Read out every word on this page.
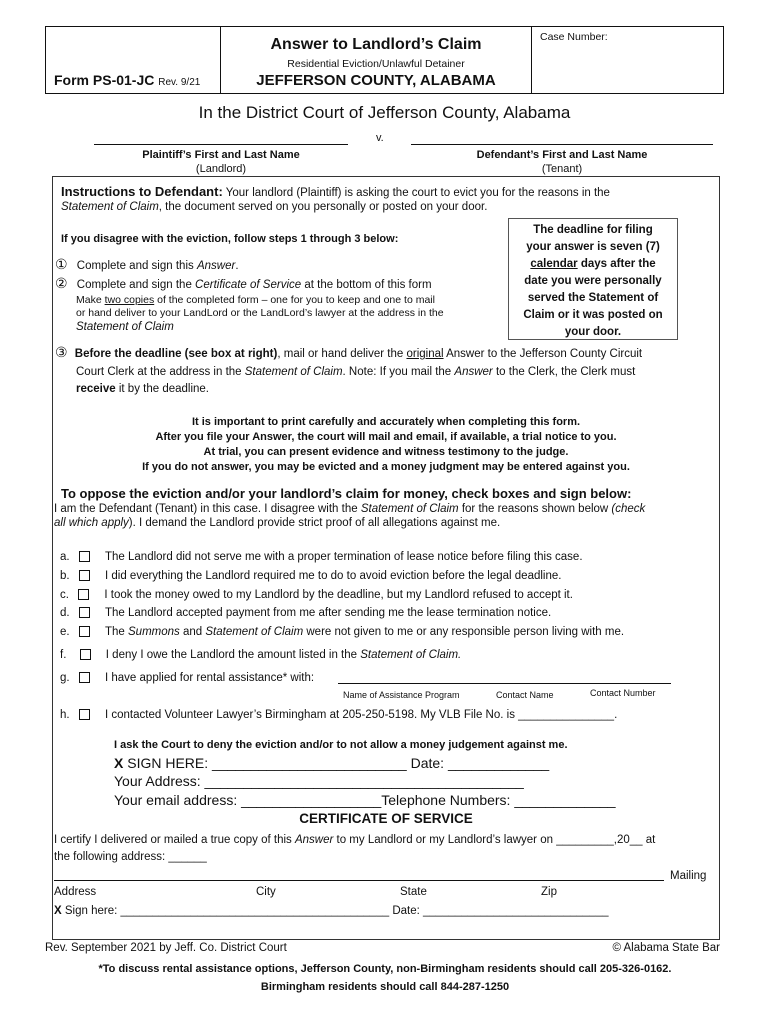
Form PS-01-JC Rev. 9/21
Answer to Landlord’s Claim
Residential Eviction/Unlawful Detainer
JEFFERSON COUNTY, ALABAMA
Case Number:
In the District Court of Jefferson County, Alabama
v.
Plaintiff’s First and Last Name
(Landlord)
Defendant’s First and Last Name
(Tenant)
Instructions to Defendant: Your landlord (Plaintiff) is asking the court to evict you for the reasons in the
Statement of Claim, the document served on you personally or posted on your door.
If you disagree with the eviction, follow steps 1 through 3 below:
① Complete and sign this Answer.
② Complete and sign the Certificate of Service at the bottom of this form
Make two copies of the completed form – one for you to keep and one to mail
or hand deliver to your LandLord or the LandLord’s lawyer at the address in the
Statement of Claim
The deadline for filing
your answer is seven (7)
calendar days after the
date you were personally
served the Statement of
Claim or it was posted on
your door.
③ Before the deadline (see box at right), mail or hand deliver the original Answer to the Jefferson County Circuit
Court Clerk at the address in the Statement of Claim. Note: If you mail the Answer to the Clerk, the Clerk must
receive it by the deadline.
It is important to print carefully and accurately when completing this form.
After you file your Answer, the court will mail and email, if available, a trial notice to you.
At trial, you can present evidence and witness testimony to the judge.
If you do not answer, you may be evicted and a money judgment may be entered against you.
To oppose the eviction and/or your landlord’s claim for money, check boxes and sign below:
I am the Defendant (Tenant) in this case. I disagree with the Statement of Claim for the reasons shown below (check
all which apply). I demand the Landlord provide strict proof of all allegations against me.
a.	The Landlord did not serve me with a proper termination of lease notice before filing this case.
b.	I did everything the Landlord required me to do to avoid eviction before the legal deadline.
c.	I took the money owed to my Landlord by the deadline, but my Landlord refused to accept it.
d.	The Landlord accepted payment from me after sending me the lease termination notice.
e.	The Summons and Statement of Claim were not given to me or any responsible person living with me.
f.	I deny I owe the Landlord the amount listed in the Statement of Claim.
g.	I have applied for rental assistance* with:
Name of Assistance Program	Contact Name	Contact Number
h.	I contacted Volunteer Lawyer’s Birmingham at 205-250-5198. My VLB File No. is _______________.
I ask the Court to deny the eviction and/or to not allow a money judgement against me.
X SIGN HERE: _________________________ Date: _____________
Your Address: _________________________________________
Your email address: __________________Telephone Numbers: _____________
CERTIFICATE OF SERVICE
I certify I delivered or mailed a true copy of this Answer to my Landlord or my Landlord’s lawyer on _________,20__ at
the following address: ______
Mailing
Address	City	State	Zip
X Sign here: __________________________________________ Date: _____________________________
Rev. September 2021 by Jeff. Co. District Court	© Alabama State Bar
*To discuss rental assistance options, Jefferson County, non-Birmingham residents should call 205-326-0162.
Birmingham residents should call 844-287-1250
